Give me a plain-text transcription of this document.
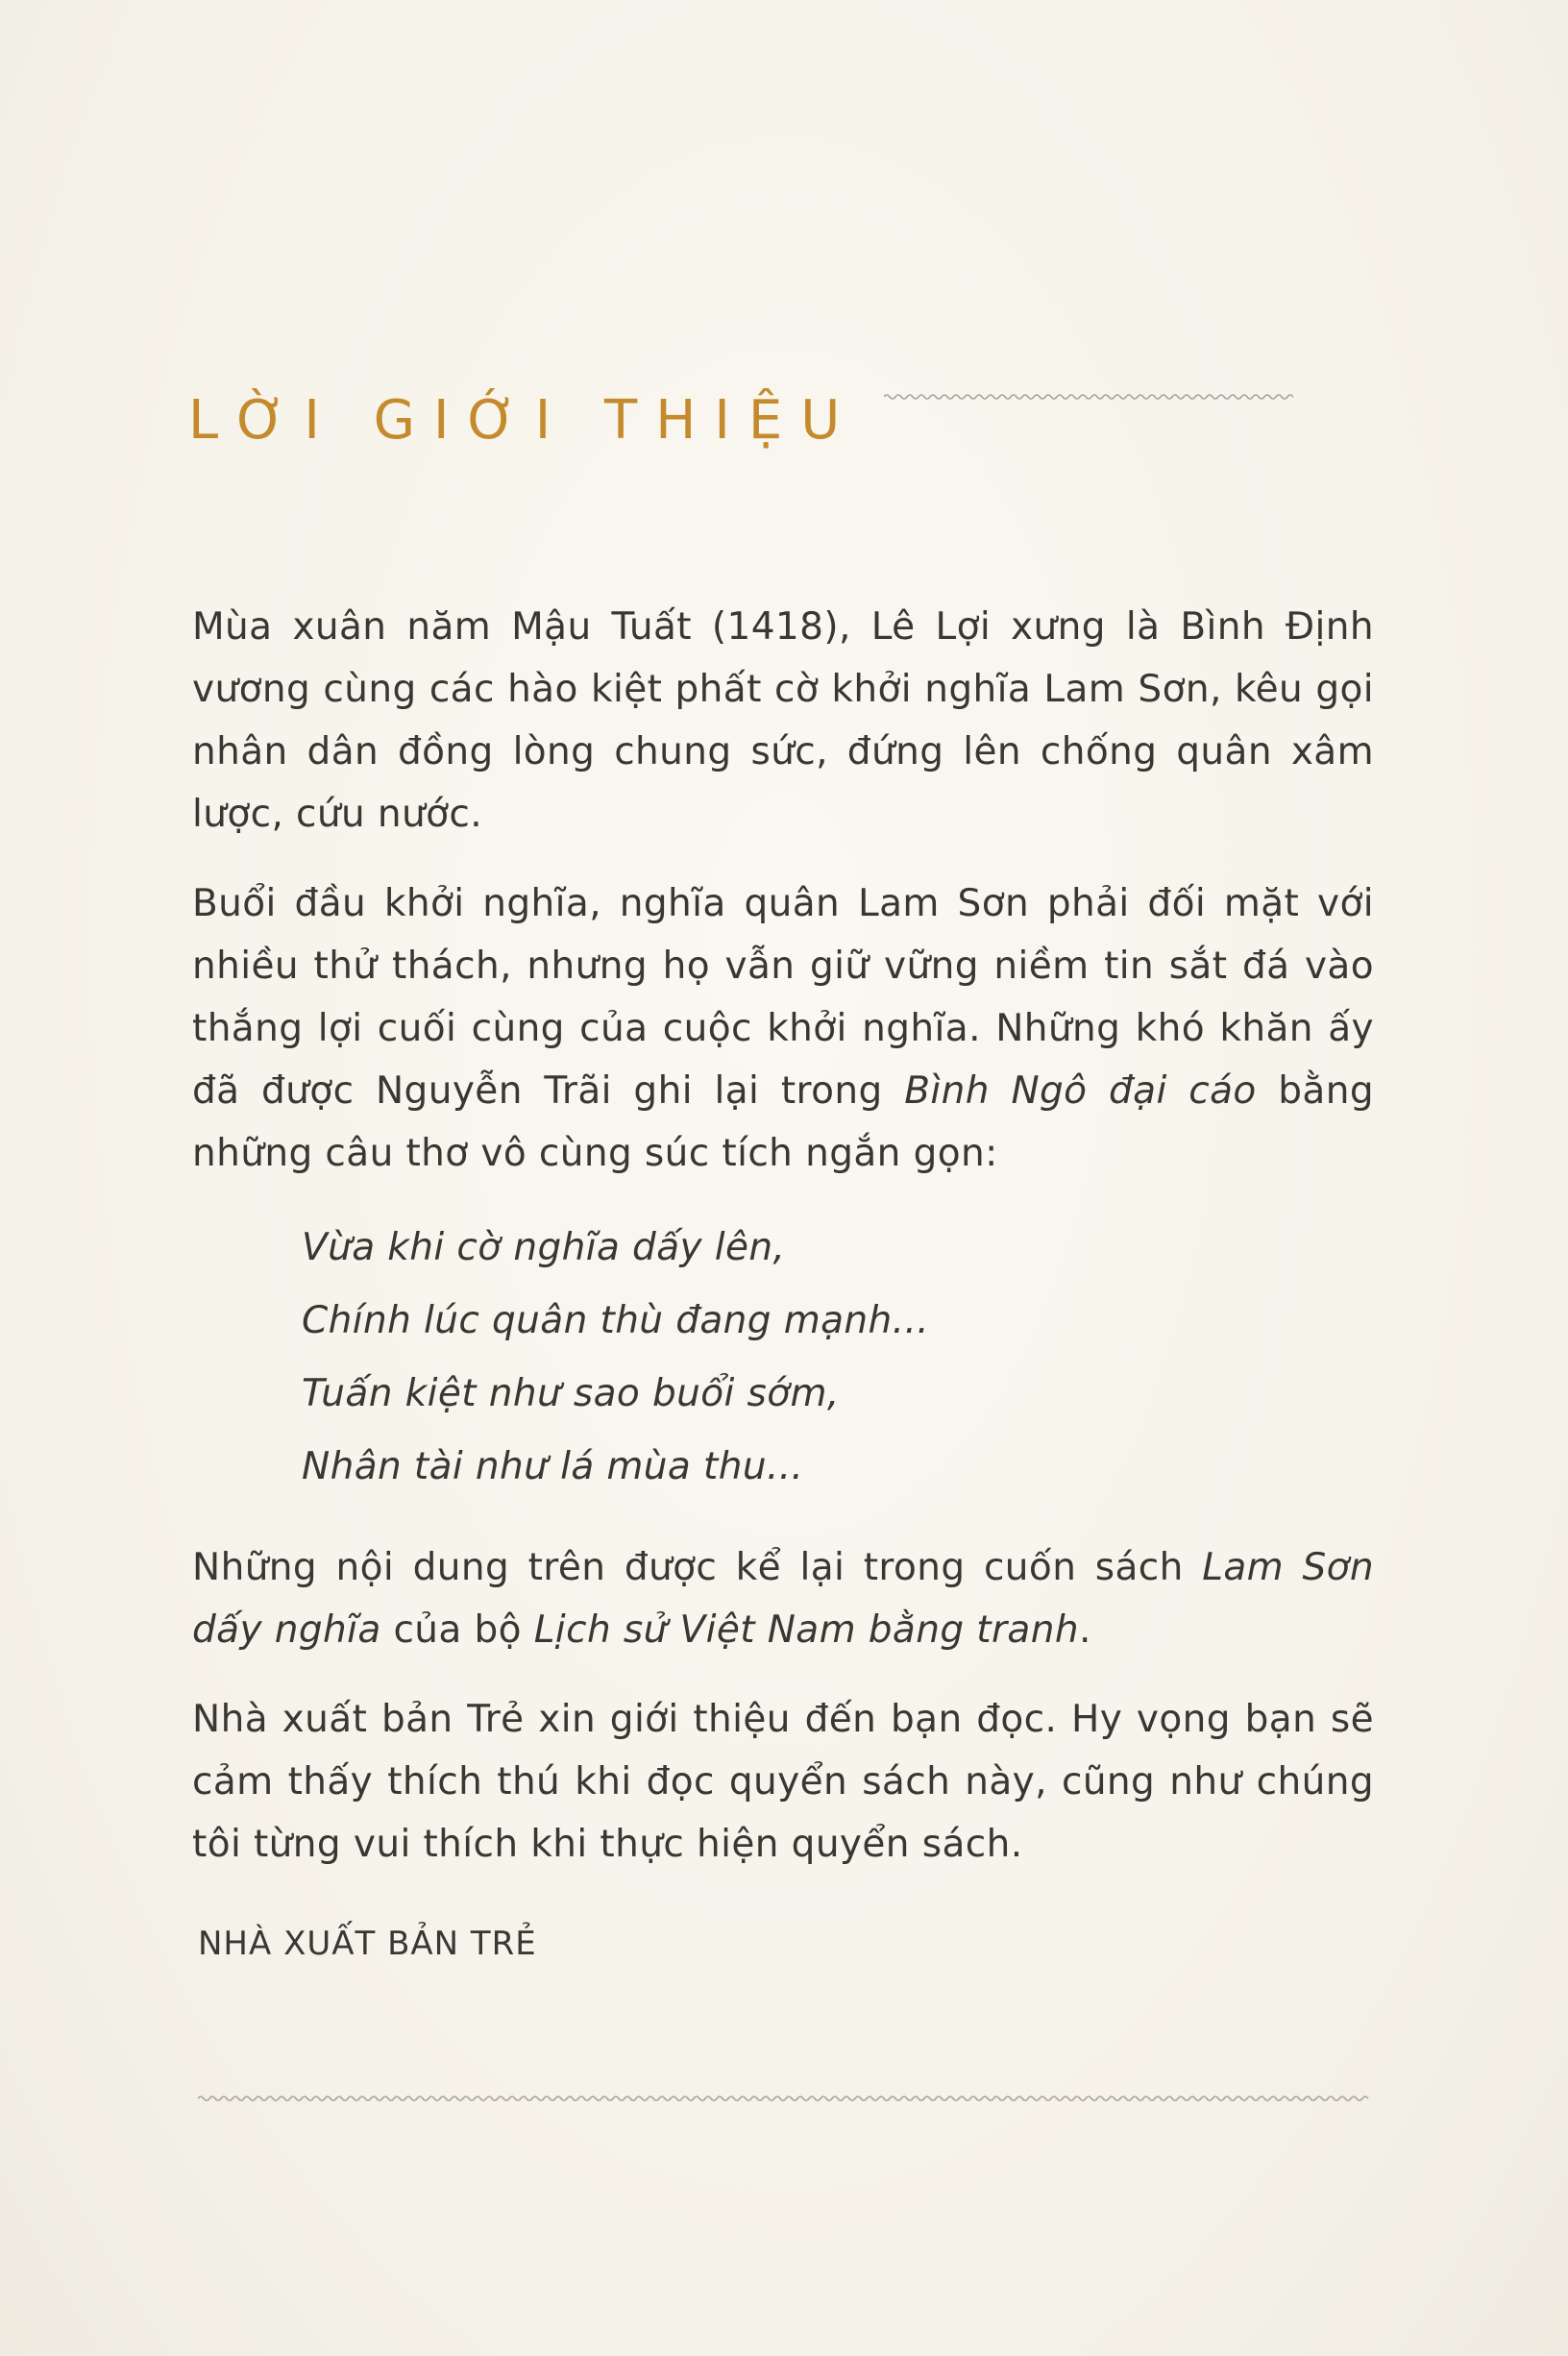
LỜI GIỚI THIỆU

Mùa xuân năm Mậu Tuất (1418), Lê Lợi xưng là Bình Định vương cùng các hào kiệt phất cờ khởi nghĩa Lam Sơn, kêu gọi nhân dân đồng lòng chung sức, đứng lên chống quân xâm lược, cứu nước.

Buổi đầu khởi nghĩa, nghĩa quân Lam Sơn phải đối mặt với nhiều thử thách, nhưng họ vẫn giữ vững niềm tin sắt đá vào thắng lợi cuối cùng của cuộc khởi nghĩa. Những khó khăn ấy đã được Nguyễn Trãi ghi lại trong Bình Ngô đại cáo bằng những câu thơ vô cùng súc tích ngắn gọn:

Vừa khi cờ nghĩa dấy lên,
Chính lúc quân thù đang mạnh...
Tuấn kiệt như sao buổi sớm,
Nhân tài như lá mùa thu...

Những nội dung trên được kể lại trong cuốn sách Lam Sơn dấy nghĩa của bộ Lịch sử Việt Nam bằng tranh.

Nhà xuất bản Trẻ xin giới thiệu đến bạn đọc. Hy vọng bạn sẽ cảm thấy thích thú khi đọc quyển sách này, cũng như chúng tôi từng vui thích khi thực hiện quyển sách.

NHÀ XUẤT BẢN TRẺ
